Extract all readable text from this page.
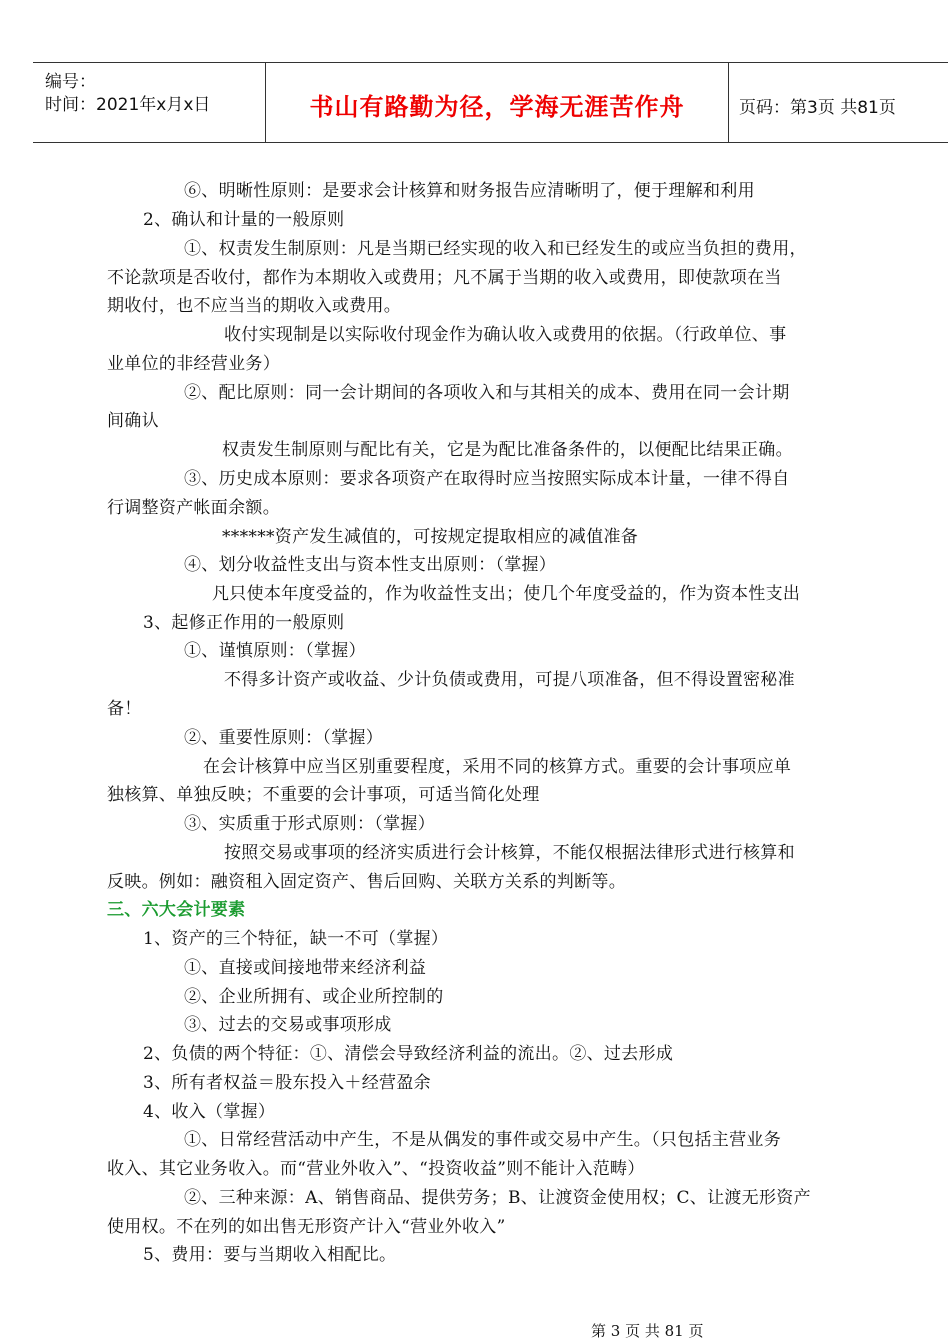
编号：
时间：2021年x月x日	书山有路勤为径，学海无涯苦作舟	页码：第3页 共81页
⑥、明晰性原则：是要求会计核算和财务报告应清晰明了，便于理解和利用
2、确认和计量的一般原则
①、权责发生制原则：凡是当期已经实现的收入和已经发生的或应当负担的费用，
不论款项是否收付，都作为本期收入或费用；凡不属于当期的收入或费用，即使款项在当
期收付，也不应当当的期收入或费用。
收付实现制是以实际收付现金作为确认收入或费用的依据。（行政单位、事
业单位的非经营业务）
②、配比原则：同一会计期间的各项收入和与其相关的成本、费用在同一会计期
间确认
权责发生制原则与配比有关，它是为配比准备条件的，以便配比结果正确。
③、历史成本原则：要求各项资产在取得时应当按照实际成本计量，一律不得自
行调整资产帐面余额。
******资产发生减值的，可按规定提取相应的减值准备
④、划分收益性支出与资本性支出原则：（掌握）
凡只使本年度受益的，作为收益性支出；使几个年度受益的，作为资本性支出
3、起修正作用的一般原则
①、谨慎原则：（掌握）
不得多计资产或收益、少计负债或费用，可提八项准备，但不得设置密秘准
备！
②、重要性原则：（掌握）
在会计核算中应当区别重要程度，采用不同的核算方式。重要的会计事项应单
独核算、单独反映；不重要的会计事项，可适当简化处理
③、实质重于形式原则：（掌握）
按照交易或事项的经济实质进行会计核算，不能仅根据法律形式进行核算和
反映。例如：融资租入固定资产、售后回购、关联方关系的判断等。
三、六大会计要素
1、资产的三个特征，缺一不可（掌握）
①、直接或间接地带来经济利益
②、企业所拥有、或企业所控制的
③、过去的交易或事项形成
2、负债的两个特征：①、清偿会导致经济利益的流出。②、过去形成
3、所有者权益＝股东投入＋经营盈余
4、收入（掌握）
①、日常经营活动中产生，不是从偶发的事件或交易中产生。（只包括主营业务
收入、其它业务收入。而“营业外收入”、“投资收益”则不能计入范畴）
②、三种来源：A、销售商品、提供劳务；B、让渡资金使用权；C、让渡无形资产
使用权。不在列的如出售无形资产计入“营业外收入”
5、费用：要与当期收入相配比。
第 3 页 共 81 页
